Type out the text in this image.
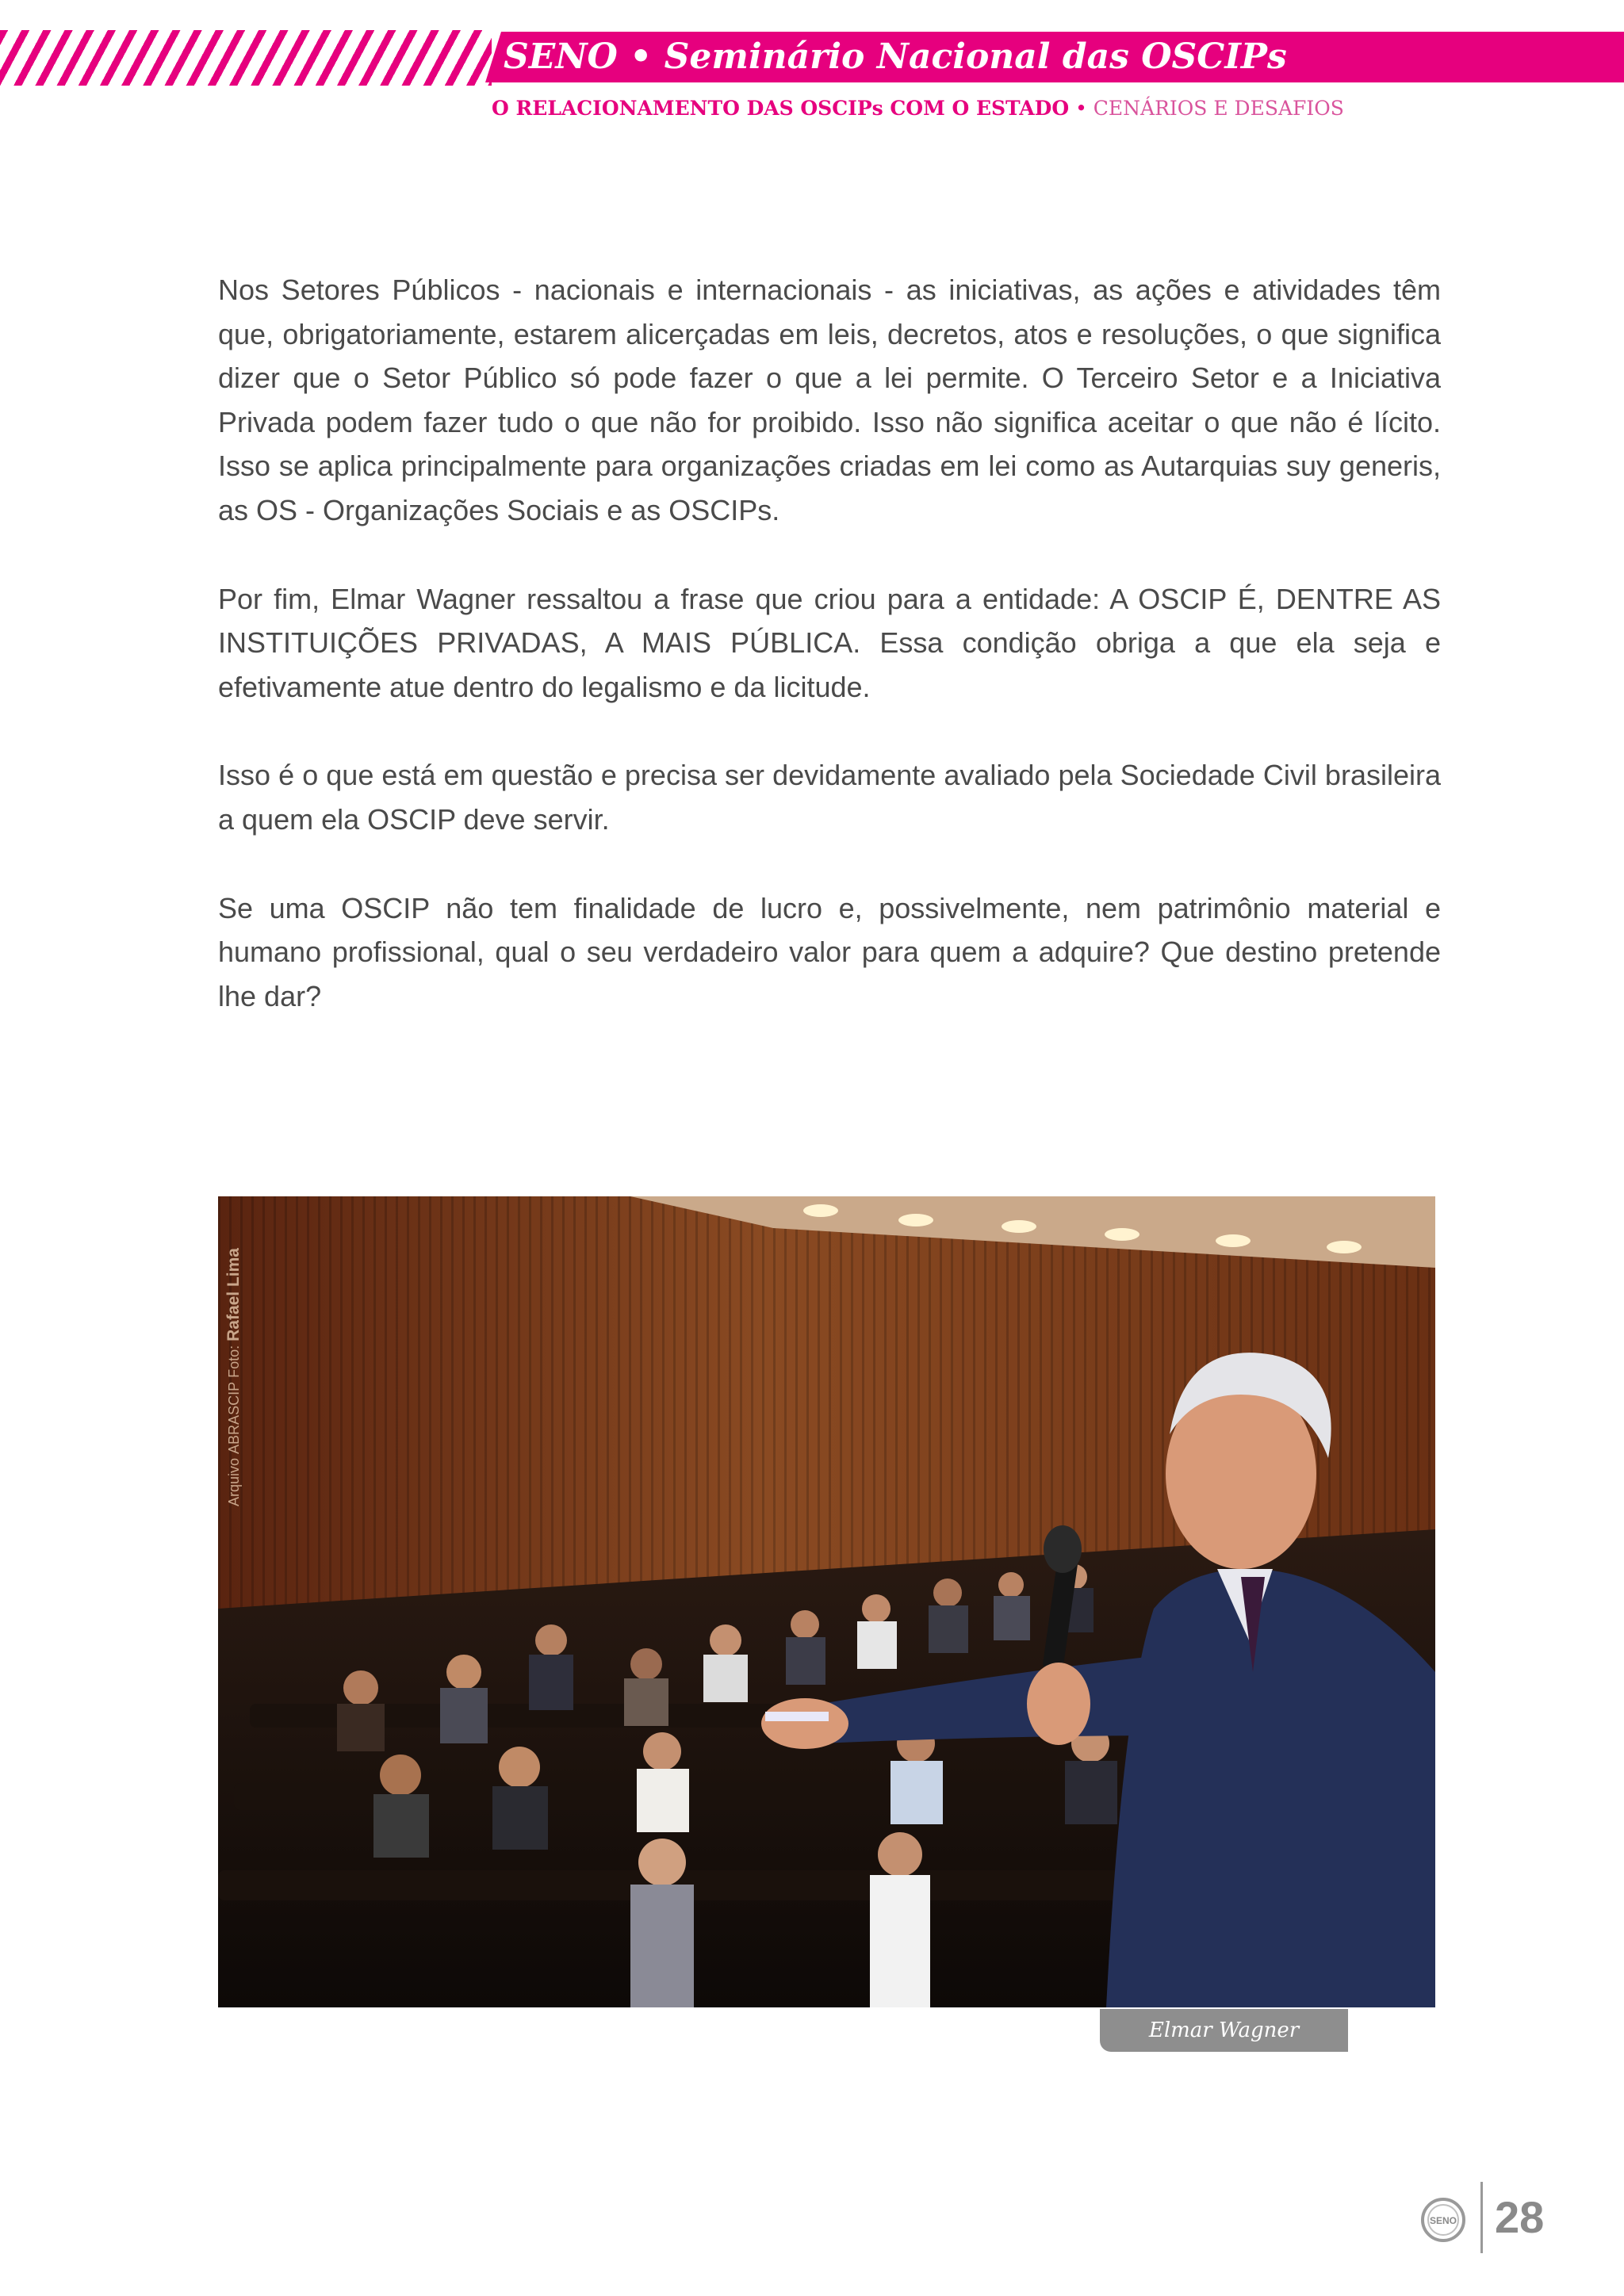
SENO • Seminário Nacional das OSCIPs
O RELACIONAMENTO DAS OSCIPs COM O ESTADO • CENÁRIOS E DESAFIOS

Nos Setores Públicos - nacionais e internacionais - as iniciativas, as ações e atividades têm que, obrigatoriamente, estarem alicerçadas em leis, decretos, atos e resoluções, o que significa dizer que o Setor Público só pode fazer o que a lei permite. O Terceiro Setor e a Iniciativa Privada podem fazer tudo o que não for proibido. Isso não significa aceitar o que não é lícito. Isso se aplica principalmente para organizações criadas em lei como as Autarquias suy generis, as OS - Organizações Sociais e as OSCIPs.

Por fim, Elmar Wagner ressaltou a frase que criou para a entidade: A OSCIP É, DENTRE AS INSTITUIÇÕES PRIVADAS, A MAIS PÚBLICA. Essa condição obriga a que ela seja e efetivamente atue dentro do legalismo e da licitude.

Isso é o que está em questão e precisa ser devidamente avaliado pela Sociedade Civil brasileira a quem ela OSCIP deve servir.

Se uma OSCIP não tem finalidade de lucro e, possivelmente, nem patrimônio material e humano profissional, qual o seu verdadeiro valor para quem a adquire? Que destino pretende lhe dar?

Arquivo ABRASCIP Foto: Rafael Lima
Elmar Wagner
SENO 28
